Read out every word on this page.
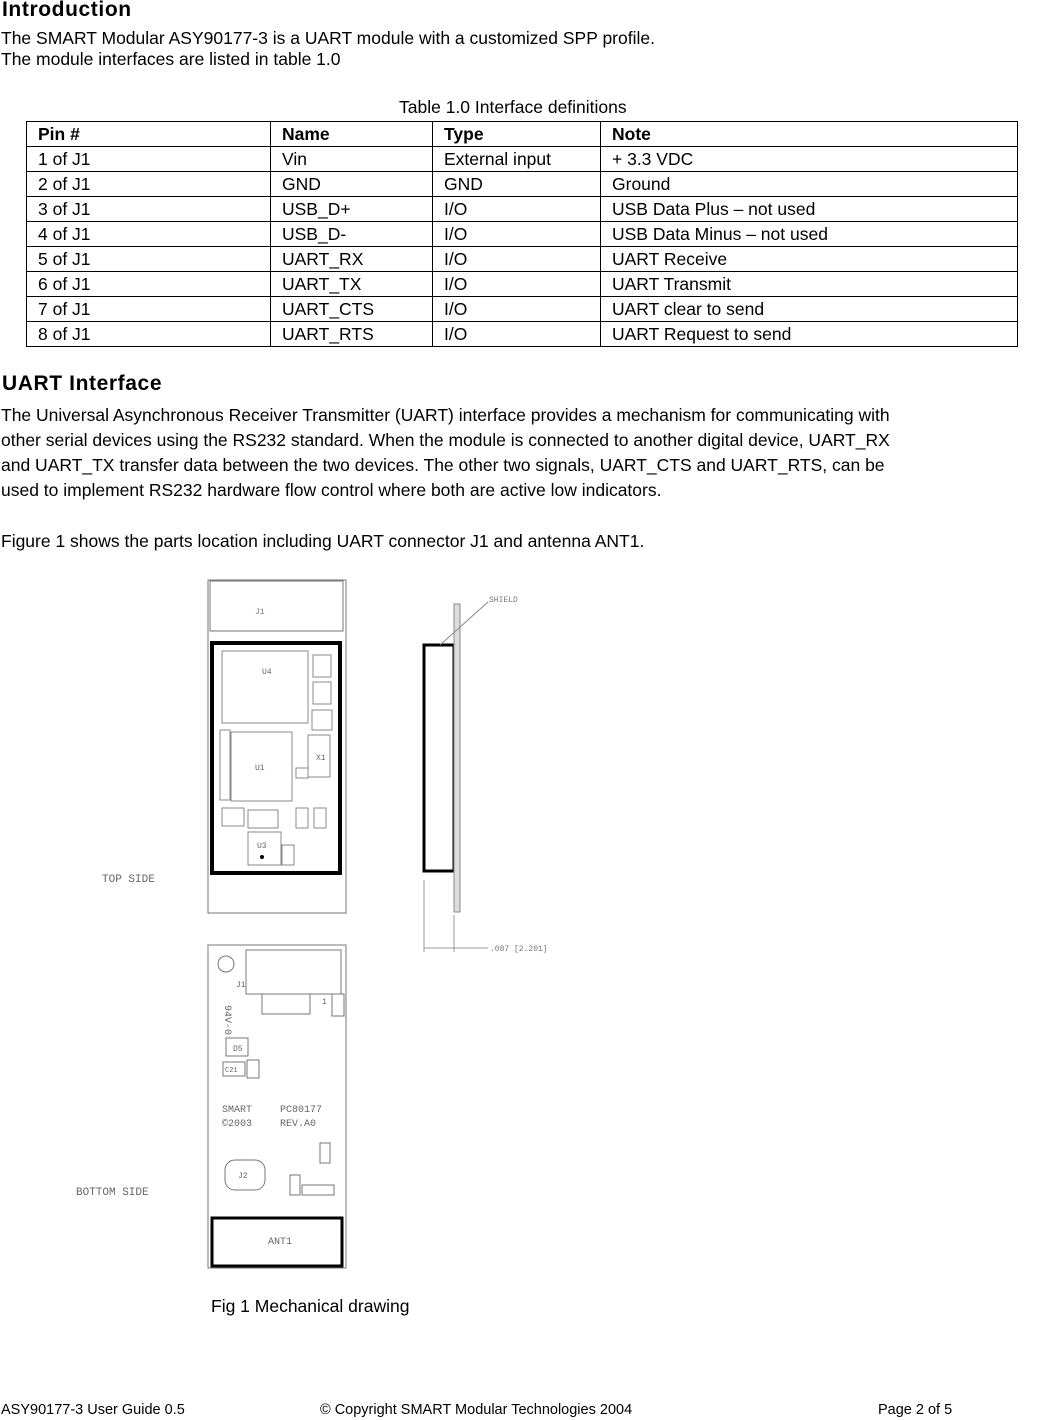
Introduction

The SMART Modular ASY90177-3 is a UART module with a customized SPP profile.

The module interfaces are listed in table 1.0

Table 1.0 Interface definitions
Pin #	Name	Type	Note
1 of J1	Vin	External input	+ 3.3 VDC
2 of J1	GND	GND	Ground
3 of J1	USB_D+	I/O	USB Data Plus – not used
4 of J1	USB_D-	I/O	USB Data Minus – not used
5 of J1	UART_RX	I/O	UART Receive
6 of J1	UART_TX	I/O	UART Transmit
7 of J1	UART_CTS	I/O	UART clear to send
8 of J1	UART_RTS	I/O	UART Request to send
UART Interface

The Universal Asynchronous Receiver Transmitter (UART) interface provides a mechanism for communicating with

other serial devices using the RS232 standard. When the module is connected to another digital device, UART_RX

and UART_TX transfer data between the two devices. The other two signals, UART_CTS and UART_RTS, can be

used to implement RS232 hardware flow control where both are active low indicators.

Figure 1 shows the parts location including UART connector J1 and antenna ANT1.

J1
U4
U1
X1
U3
TOP SIDE
SHIELD
.087 [2.201]
J1
94V-0
1
D5
C21
SMART
©2003
PC80177
REV.A0
J2
ANT1
BOTTOM SIDE
Fig 1 Mechanical drawing
ASY90177-3 User Guide 0.5	© Copyright SMART Modular Technologies 2004	Page 2 of 5
